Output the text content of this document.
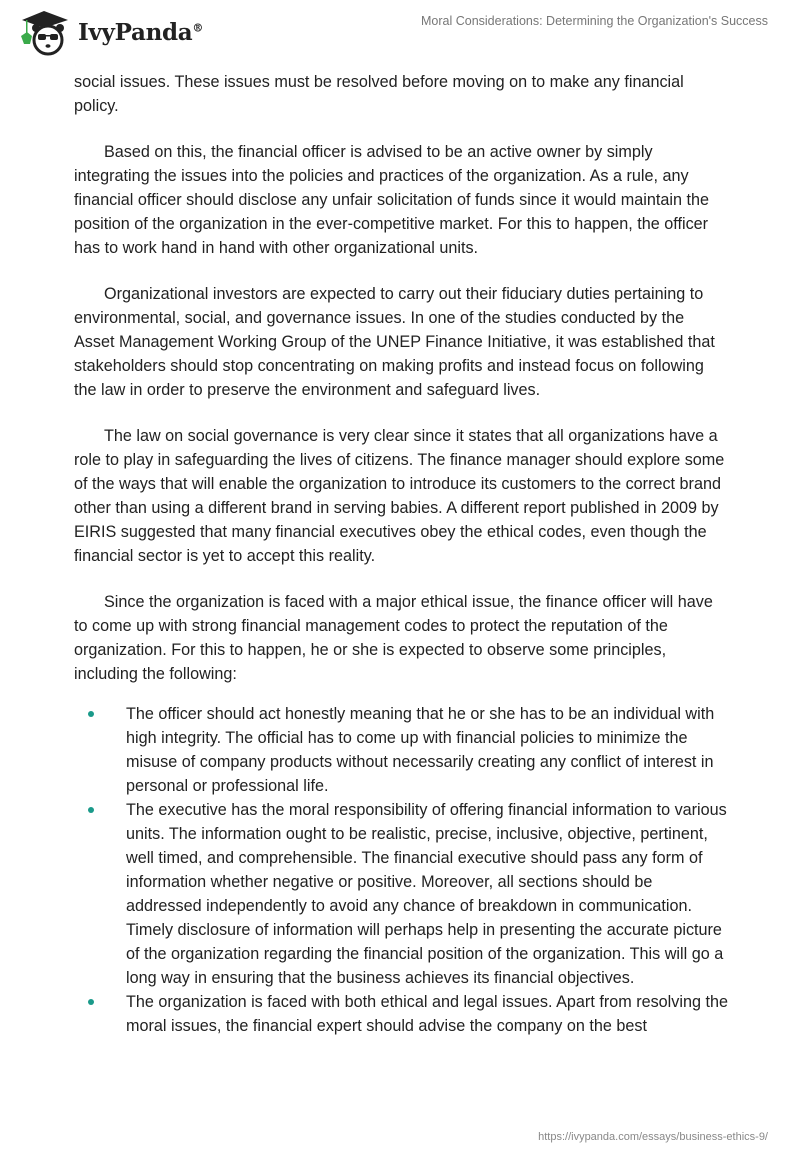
IvyPanda®	Moral Considerations: Determining the Organization's Success

social issues. These issues must be resolved before moving on to make any financial policy.

Based on this, the financial officer is advised to be an active owner by simply integrating the issues into the policies and practices of the organization. As a rule, any financial officer should disclose any unfair solicitation of funds since it would maintain the position of the organization in the ever-competitive market. For this to happen, the officer has to work hand in hand with other organizational units.

Organizational investors are expected to carry out their fiduciary duties pertaining to environmental, social, and governance issues. In one of the studies conducted by the Asset Management Working Group of the UNEP Finance Initiative, it was established that stakeholders should stop concentrating on making profits and instead focus on following the law in order to preserve the environment and safeguard lives.

The law on social governance is very clear since it states that all organizations have a role to play in safeguarding the lives of citizens. The finance manager should explore some of the ways that will enable the organization to introduce its customers to the correct brand other than using a different brand in serving babies. A different report published in 2009 by EIRIS suggested that many financial executives obey the ethical codes, even though the financial sector is yet to accept this reality.

Since the organization is faced with a major ethical issue, the finance officer will have to come up with strong financial management codes to protect the reputation of the organization. For this to happen, he or she is expected to observe some principles, including the following:

The officer should act honestly meaning that he or she has to be an individual with high integrity. The official has to come up with financial policies to minimize the misuse of company products without necessarily creating any conflict of interest in personal or professional life.
The executive has the moral responsibility of offering financial information to various units. The information ought to be realistic, precise, inclusive, objective, pertinent, well timed, and comprehensible. The financial executive should pass any form of information whether negative or positive. Moreover, all sections should be addressed independently to avoid any chance of breakdown in communication. Timely disclosure of information will perhaps help in presenting the accurate picture of the organization regarding the financial position of the organization. This will go a long way in ensuring that the business achieves its financial objectives.
The organization is faced with both ethical and legal issues. Apart from resolving the moral issues, the financial expert should advise the company on the best
https://ivypanda.com/essays/business-ethics-9/
